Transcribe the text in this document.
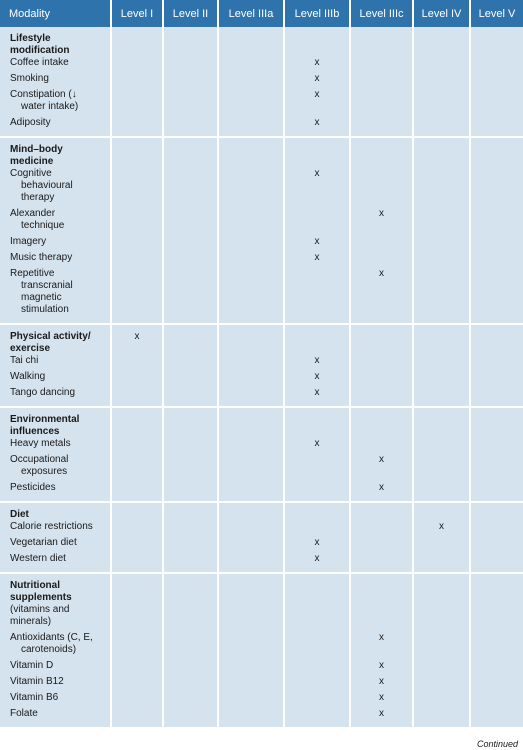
Modality	Level I	Level II	Level IIIa	Level IIIb	Level IIIc	Level IV	Level V

Lifestyle
modification							

Coffee intake				x			

Smoking				x			

Constipation (↓
water intake)				x			

Adiposity				x			

Mind–body
medicine							

Cognitive
behavioural
therapy				x			

Alexander
technique					x		

Imagery				x			

Music therapy				x			

Repetitive
transcranial
magnetic
stimulation					x		

Physical activity/
exercise	x						

Tai chi				x			

Walking				x			

Tango dancing				x			

Environmental
influences							

Heavy metals				x			

Occupational
exposures					x		

Pesticides					x		

Diet							

Calorie restrictions						x	

Vegetarian diet				x			

Western diet				x			

Nutritional
supplements							

(vitamins and
minerals)							

Antioxidants (C, E,
carotenoids)					x		

Vitamin D					x		

Vitamin B12					x		

Vitamin B6					x		

Folate					x		
Continued
